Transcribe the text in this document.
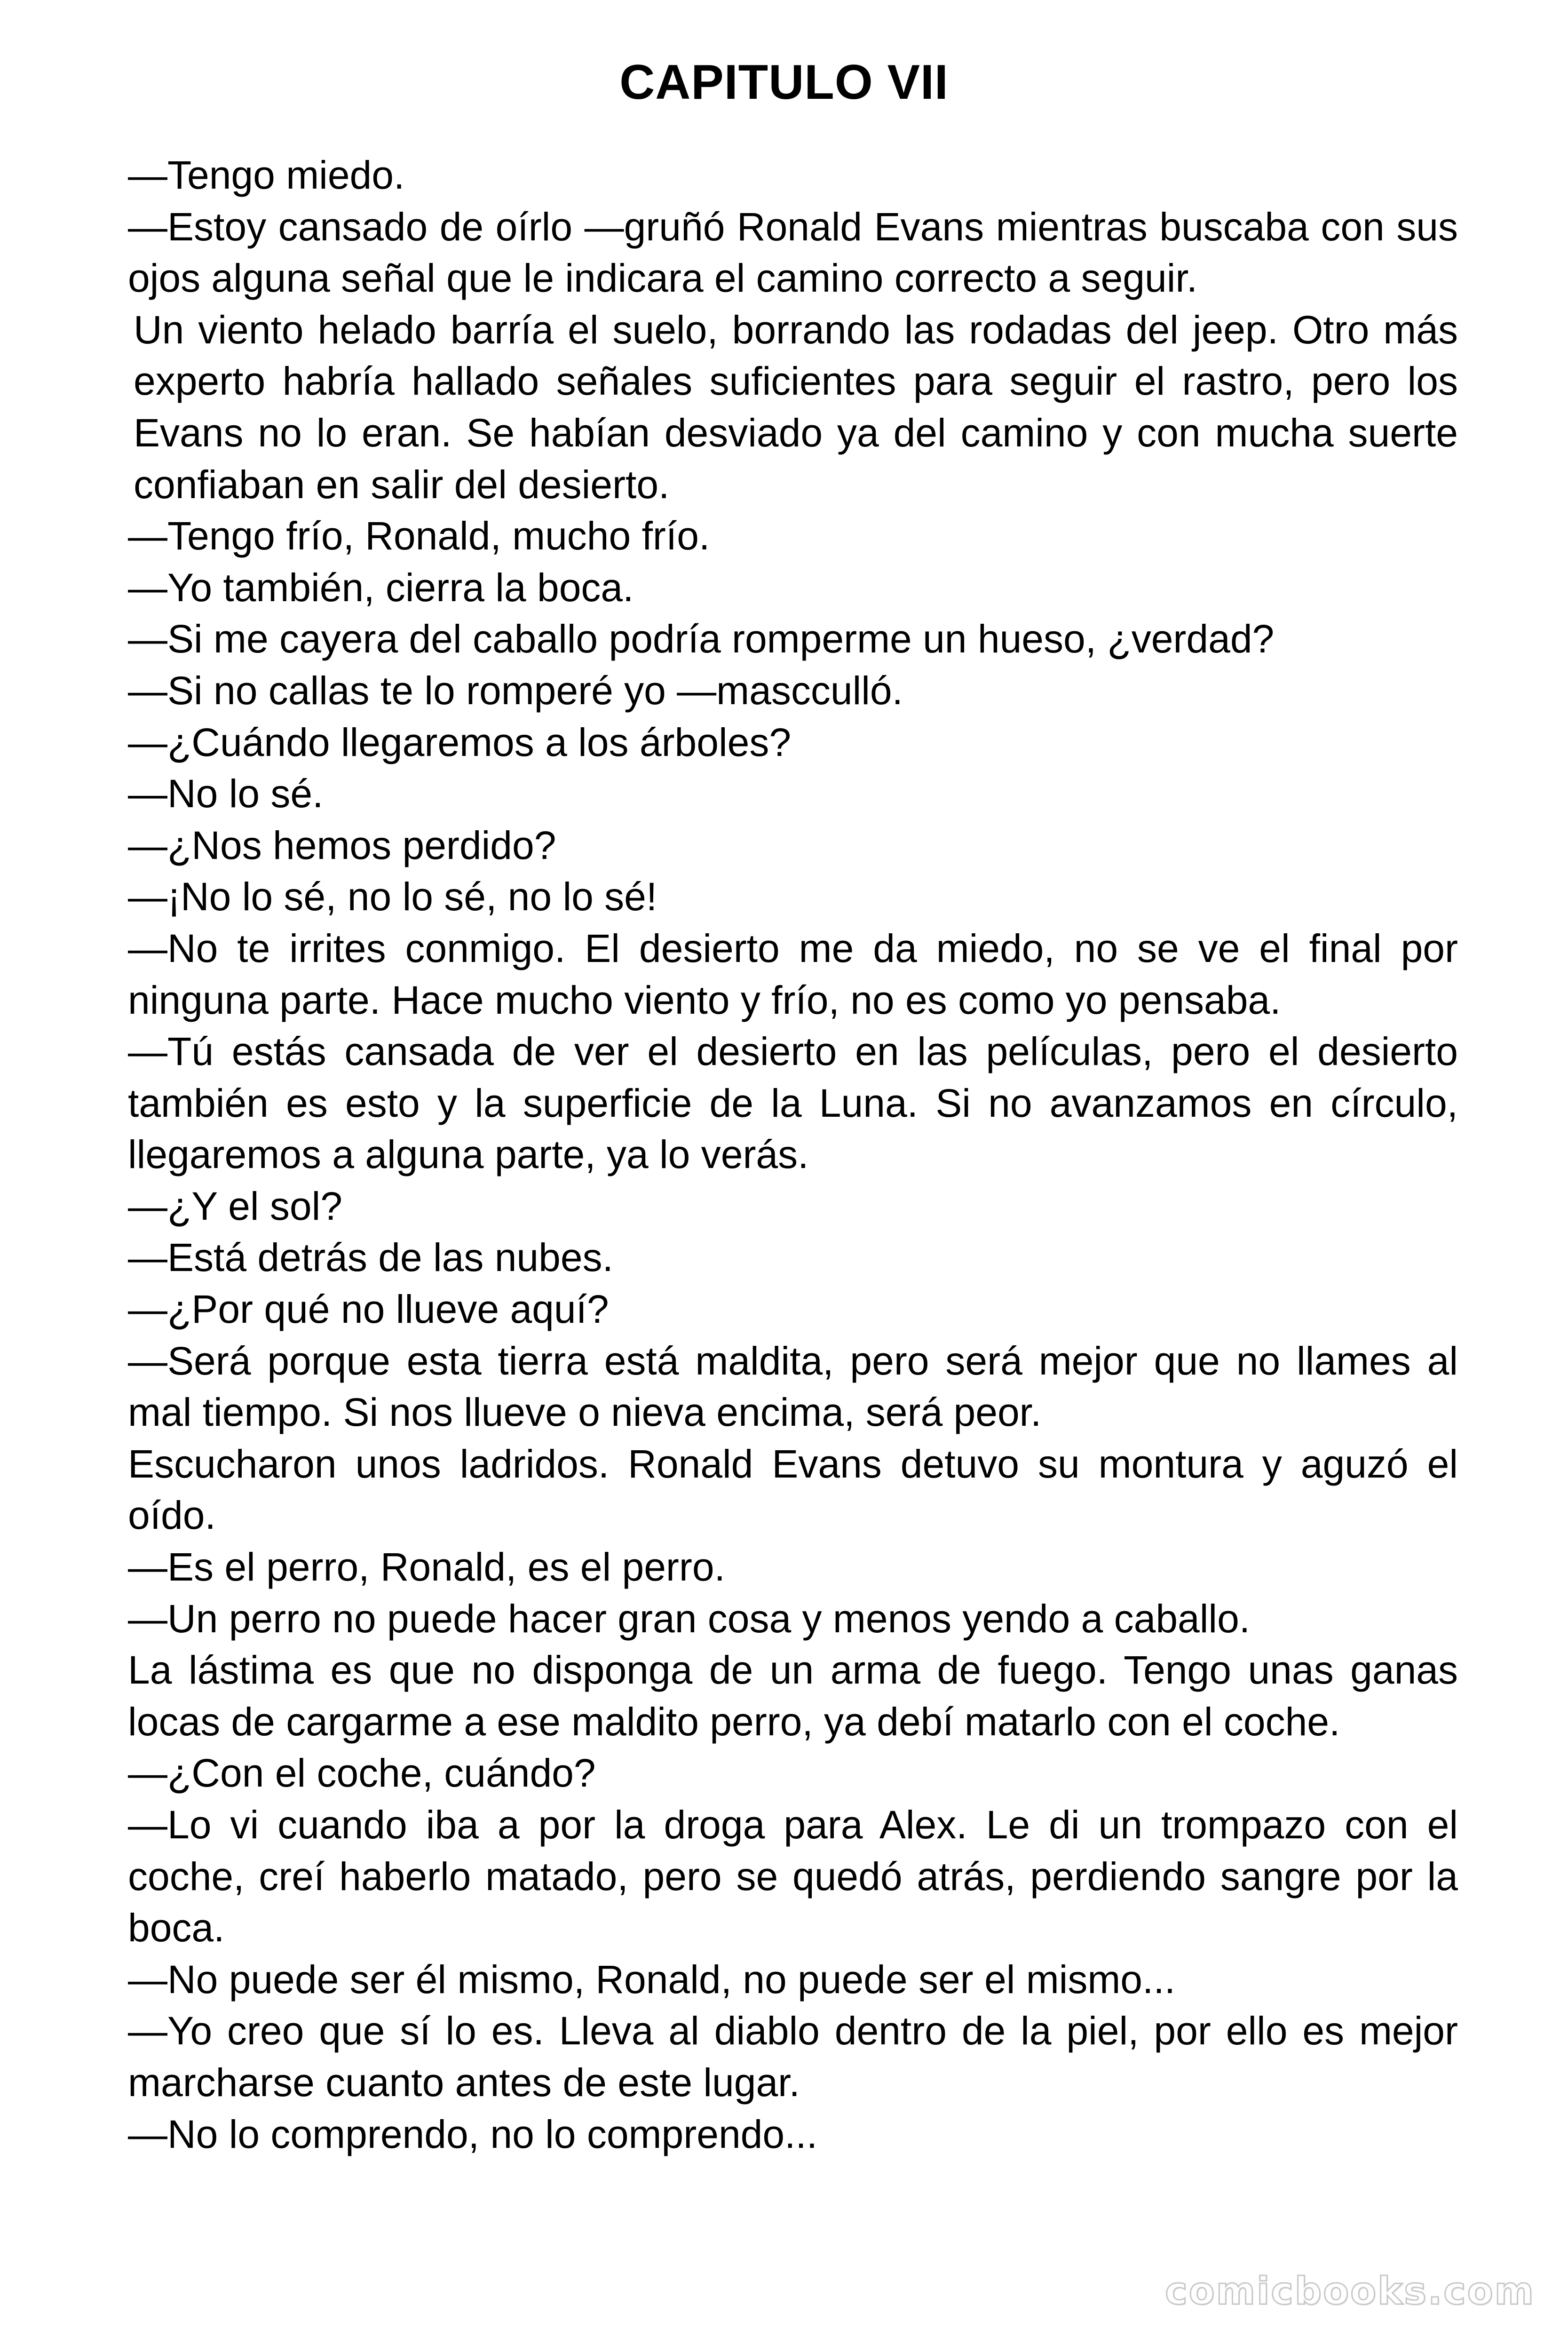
CAPITULO VII

—Tengo miedo.

—Estoy cansado de oírlo —gruñó Ronald Evans mientras buscaba con sus ojos alguna señal que le indicara el camino correcto a seguir.

Un viento helado barría el suelo, borrando las rodadas del jeep. Otro más experto habría hallado señales suficientes para seguir el rastro, pero los Evans no lo eran. Se habían desviado ya del camino y con mucha suerte confiaban en salir del desierto.

—Tengo frío, Ronald, mucho frío.

—Yo también, cierra la boca.

—Si me cayera del caballo podría romperme un hueso, ¿verdad?

—Si no callas te lo romperé yo —mascculló.

—¿Cuándo llegaremos a los árboles?

—No lo sé.

—¿Nos hemos perdido?

—¡No lo sé, no lo sé, no lo sé!

—No te irrites conmigo. El desierto me da miedo, no se ve el final por ninguna parte. Hace mucho viento y frío, no es como yo pensaba.

—Tú estás cansada de ver el desierto en las películas, pero el desierto también es esto y la superficie de la Luna. Si no avanzamos en círculo, llegaremos a alguna parte, ya lo verás.

—¿Y el sol?

—Está detrás de las nubes.

—¿Por qué no llueve aquí?

—Será porque esta tierra está maldita, pero será mejor que no llames al mal tiempo. Si nos llueve o nieva encima, será peor.

Escucharon unos ladridos. Ronald Evans detuvo su montura y aguzó el oído.

—Es el perro, Ronald, es el perro.

—Un perro no puede hacer gran cosa y menos yendo a caballo.

La lástima es que no disponga de un arma de fuego. Tengo unas ganas locas de cargarme a ese maldito perro, ya debí matarlo con el coche.

—¿Con el coche, cuándo?

—Lo vi cuando iba a por la droga para Alex. Le di un trompazo con el coche, creí haberlo matado, pero se quedó atrás, perdiendo sangre por la boca.

—No puede ser él mismo, Ronald, no puede ser el mismo...

—Yo creo que sí lo es. Lleva al diablo dentro de la piel, por ello es mejor marcharse cuanto antes de este lugar.

—No lo comprendo, no lo comprendo...

comicbooks.com
